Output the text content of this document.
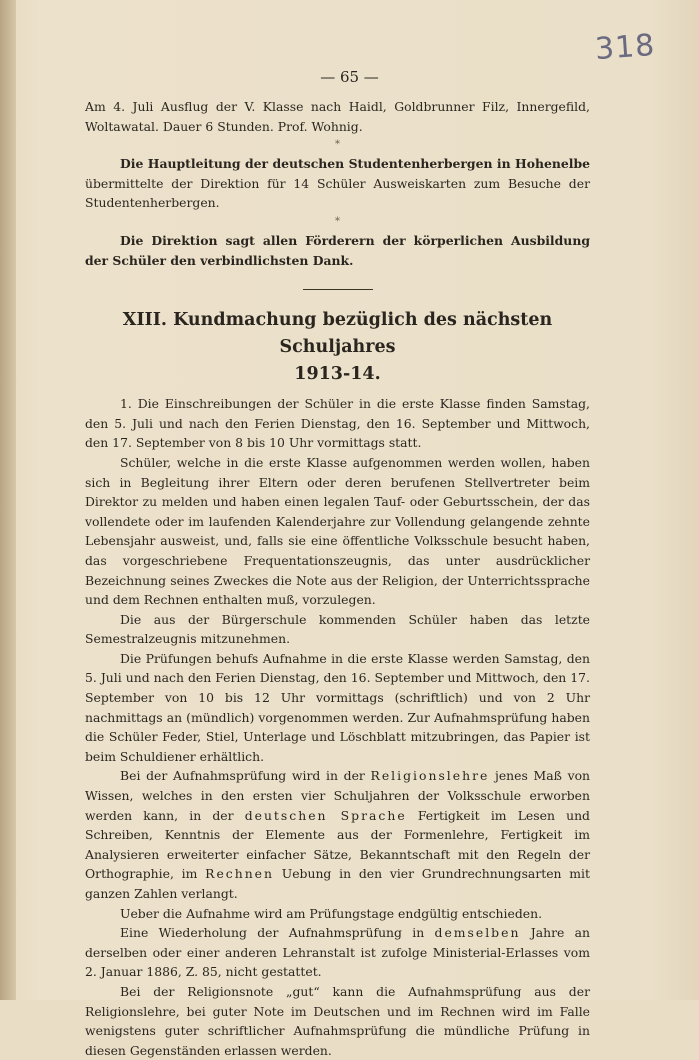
318
— 65 —

Am 4. Juli Ausflug der V. Klasse nach Haidl, Goldbrunner Filz, Innergefild, Woltawatal. Dauer 6 Stunden. Prof. Wohnig.

*

Die Hauptleitung der deutschen Studentenherbergen in Hohenelbe übermittelte der Direktion für 14 Schüler Ausweiskarten zum Besuche der Studentenherbergen.

*

Die Direktion sagt allen Förderern der körperlichen Ausbildung der Schüler den verbindlichsten Dank.

XIII. Kundmachung bezüglich des nächsten Schuljahres
1913-14.

1. Die Einschreibungen der Schüler in die erste Klasse finden Samstag, den 5. Juli und nach den Ferien Dienstag, den 16. September und Mittwoch, den 17. September von 8 bis 10 Uhr vormittags statt.

Schüler, welche in die erste Klasse aufgenommen werden wollen, haben sich in Begleitung ihrer Eltern oder deren berufenen Stellvertreter beim Direktor zu melden und haben einen legalen Tauf- oder Geburtsschein, der das vollendete oder im laufenden Kalenderjahre zur Vollendung gelangende zehnte Lebensjahr ausweist, und, falls sie eine öffentliche Volksschule besucht haben, das vorgeschriebene Frequentationszeugnis, das unter ausdrücklicher Bezeichnung seines Zweckes die Note aus der Religion, der Unterrichtssprache und dem Rechnen enthalten muß, vorzulegen.

Die aus der Bürgerschule kommenden Schüler haben das letzte Semestralzeugnis mitzunehmen.

Die Prüfungen behufs Aufnahme in die erste Klasse werden Samstag, den 5. Juli und nach den Ferien Dienstag, den 16. September und Mittwoch, den 17. September von 10 bis 12 Uhr vormittags (schriftlich) und von 2 Uhr nachmittags an (mündlich) vorgenommen werden. Zur Aufnahmsprüfung haben die Schüler Feder, Stiel, Unterlage und Löschblatt mitzubringen, das Papier ist beim Schuldiener erhältlich.

Bei der Aufnahmsprüfung wird in der Religionslehre jenes Maß von Wissen, welches in den ersten vier Schuljahren der Volksschule erworben werden kann, in der deutschen Sprache Fertigkeit im Lesen und Schreiben, Kenntnis der Elemente aus der Formenlehre, Fertigkeit im Analysieren erweiterter einfacher Sätze, Bekanntschaft mit den Regeln der Orthographie, im Rechnen Uebung in den vier Grundrechnungsarten mit ganzen Zahlen verlangt.

Ueber die Aufnahme wird am Prüfungstage endgültig entschieden.

Eine Wiederholung der Aufnahmsprüfung in demselben Jahre an derselben oder einer anderen Lehranstalt ist zufolge Ministerial-Erlasses vom 2. Januar 1886, Z. 85, nicht gestattet.

Bei der Religionsnote „gut“ kann die Aufnahmsprüfung aus der Religionslehre, bei guter Note im Deutschen und im Rechnen wird im Falle wenigstens guter schriftlicher Aufnahmsprüfung die mündliche Prüfung in diesen Gegenständen erlassen werden.
